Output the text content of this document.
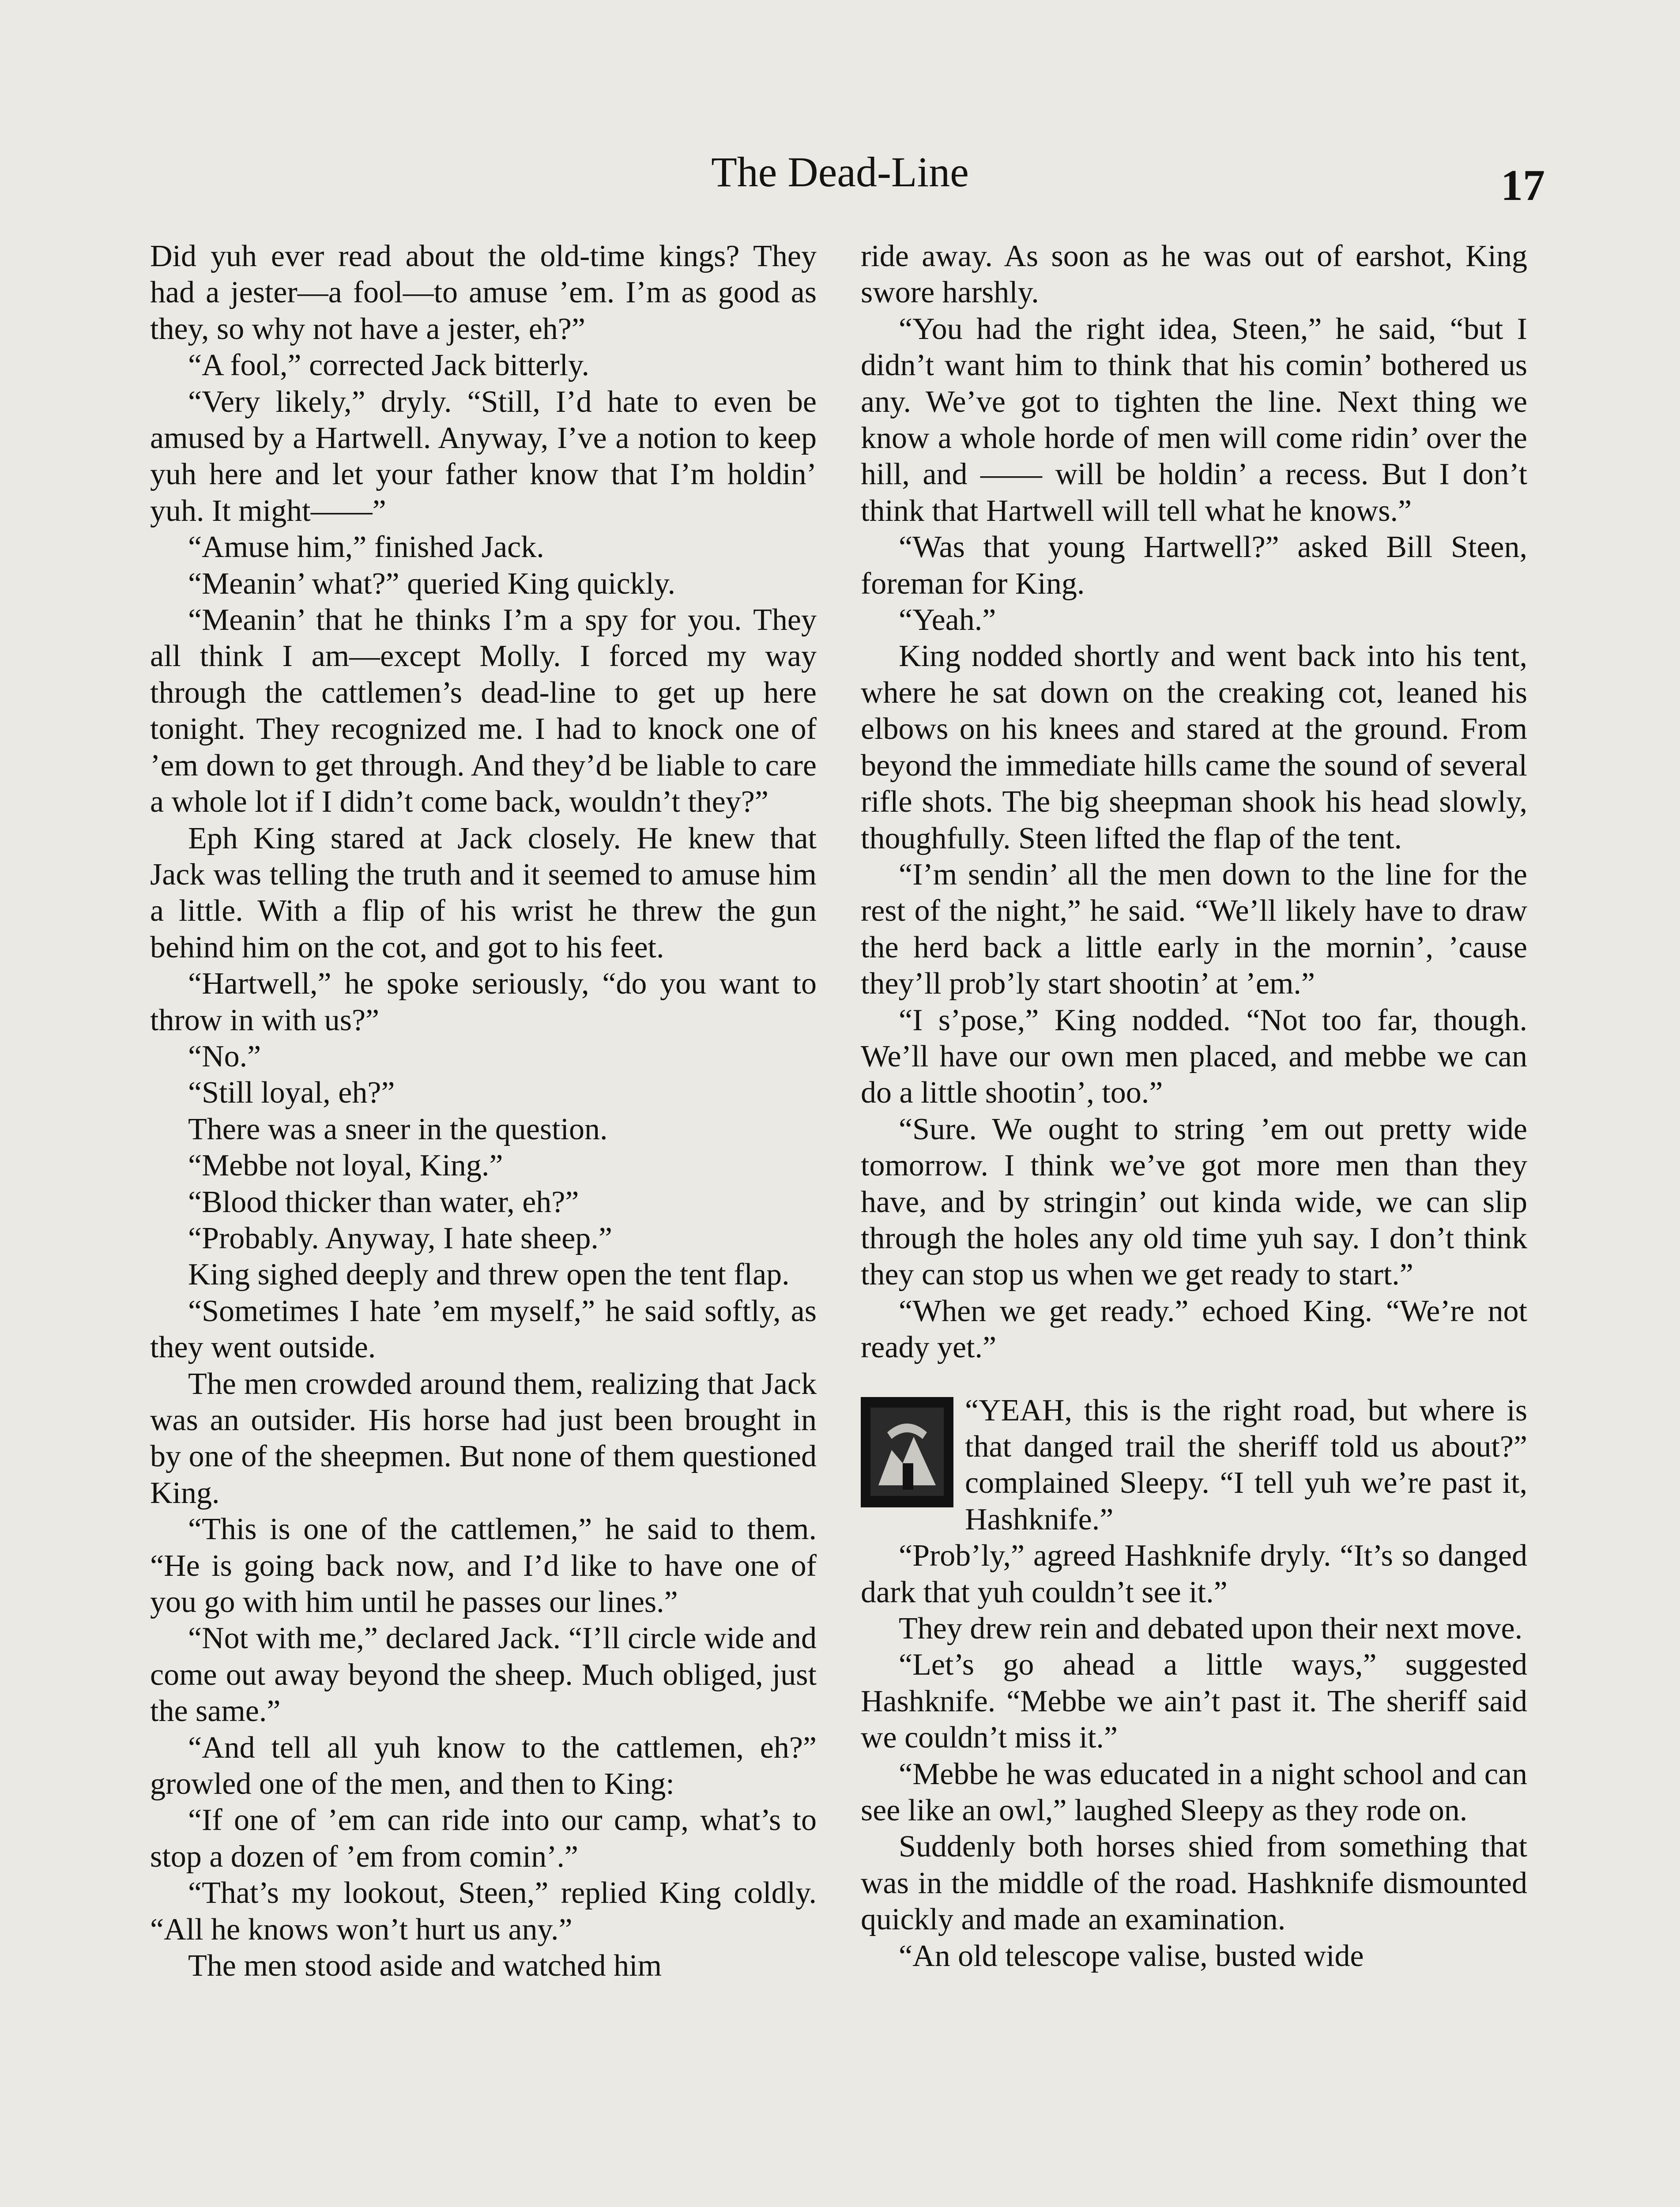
The Dead-Line	17

Did yuh ever read about the old-time kings? They had a jester—a fool—to amuse ’em. I’m as good as they, so why not have a jester, eh?”

“A fool,” corrected Jack bitterly.

“Very likely,” dryly. “Still, I’d hate to even be amused by a Hartwell. Anyway, I’ve a notion to keep yuh here and let your father know that I’m holdin’ yuh. It might——”

“Amuse him,” finished Jack.

“Meanin’ what?” queried King quickly.

“Meanin’ that he thinks I’m a spy for you. They all think I am—except Molly. I forced my way through the cattlemen’s dead-line to get up here tonight. They recognized me. I had to knock one of ’em down to get through. And they’d be liable to care a whole lot if I didn’t come back, wouldn’t they?”

Eph King stared at Jack closely. He knew that Jack was telling the truth and it seemed to amuse him a little. With a flip of his wrist he threw the gun behind him on the cot, and got to his feet.

“Hartwell,” he spoke seriously, “do you want to throw in with us?”

“No.”

“Still loyal, eh?”

There was a sneer in the question.

“Mebbe not loyal, King.”

“Blood thicker than water, eh?”

“Probably. Anyway, I hate sheep.”

King sighed deeply and threw open the tent flap.

“Sometimes I hate ’em myself,” he said softly, as they went outside.

The men crowded around them, realizing that Jack was an outsider. His horse had just been brought in by one of the sheepmen. But none of them questioned King.

“This is one of the cattlemen,” he said to them. “He is going back now, and I’d like to have one of you go with him until he passes our lines.”

“Not with me,” declared Jack. “I’ll circle wide and come out away beyond the sheep. Much obliged, just the same.”

“And tell all yuh know to the cattlemen, eh?” growled one of the men, and then to King:

“If one of ’em can ride into our camp, what’s to stop a dozen of ’em from comin’.”

“That’s my lookout, Steen,” replied King coldly. “All he knows won’t hurt us any.”

The men stood aside and watched him

ride away. As soon as he was out of earshot, King swore harshly.

“You had the right idea, Steen,” he said, “but I didn’t want him to think that his comin’ bothered us any. We’ve got to tighten the line. Next thing we know a whole horde of men will come ridin’ over the hill, and —— will be holdin’ a recess. But I don’t think that Hartwell will tell what he knows.”

“Was that young Hartwell?” asked Bill Steen, foreman for King.

“Yeah.”

King nodded shortly and went back into his tent, where he sat down on the creaking cot, leaned his elbows on his knees and stared at the ground. From beyond the immediate hills came the sound of several rifle shots. The big sheepman shook his head slowly, thoughfully. Steen lifted the flap of the tent.

“I’m sendin’ all the men down to the line for the rest of the night,” he said. “We’ll likely have to draw the herd back a little early in the mornin’, ’cause they’ll prob’ly start shootin’ at ’em.”

“I s’pose,” King nodded. “Not too far, though. We’ll have our own men placed, and mebbe we can do a little shootin’, too.”

“Sure. We ought to string ’em out pretty wide tomorrow. I think we’ve got more men than they have, and by stringin’ out kinda wide, we can slip through the holes any old time yuh say. I don’t think they can stop us when we get ready to start.”

“When we get ready.” echoed King. “We’re not ready yet.”

“YEAH, this is the right road, but where is that danged trail the sheriff told us about?” complained Sleepy. “I tell yuh we’re past it, Hashknife.”

“Prob’ly,” agreed Hashknife dryly. “It’s so danged dark that yuh couldn’t see it.”

They drew rein and debated upon their next move.

“Let’s go ahead a little ways,” suggested Hashknife. “Mebbe we ain’t past it. The sheriff said we couldn’t miss it.”

“Mebbe he was educated in a night school and can see like an owl,” laughed Sleepy as they rode on.

Suddenly both horses shied from something that was in the middle of the road. Hashknife dismounted quickly and made an examination.

“An old telescope valise, busted wide
